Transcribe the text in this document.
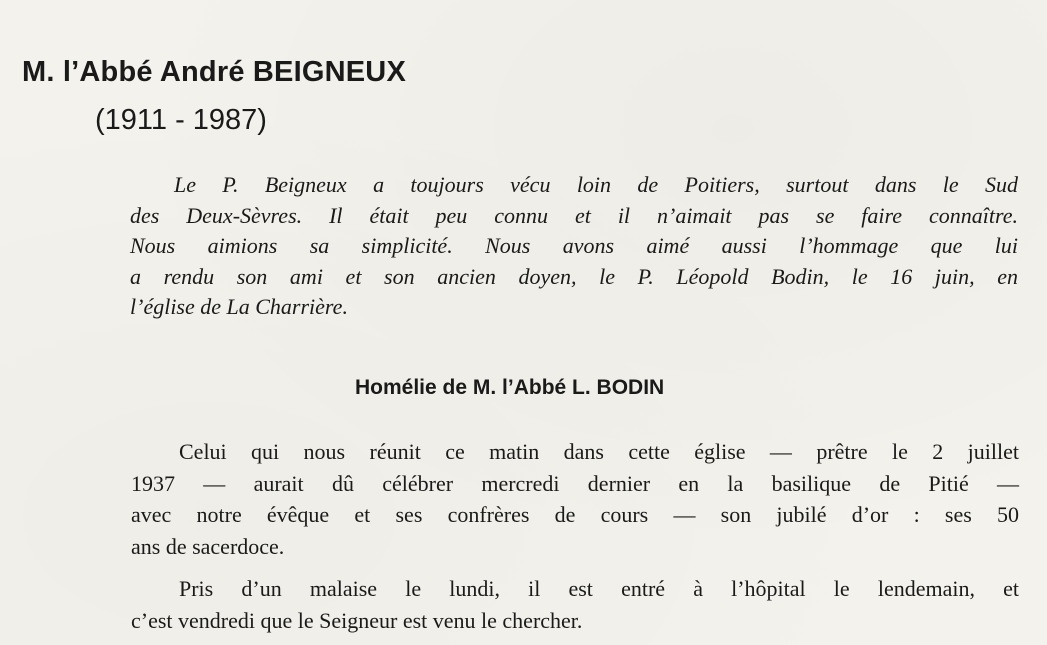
M. l’Abbé André BEIGNEUX
(1911 - 1987)
Le P. Beigneux a toujours vécu loin de Poitiers, surtout dans le Sud
des Deux-Sèvres. Il était peu connu et il n’aimait pas se faire connaître.
Nous aimions sa simplicité. Nous avons aimé aussi l’hommage que lui
a rendu son ami et son ancien doyen, le P. Léopold Bodin, le 16 juin, en
l’église de La Charrière.
Homélie de M. l’Abbé L. BODIN
Celui qui nous réunit ce matin dans cette église — prêtre le 2 juillet
1937 — aurait dû célébrer mercredi dernier en la basilique de Pitié —
avec notre évêque et ses confrères de cours — son jubilé d’or : ses 50
ans de sacerdoce.
Pris d’un malaise le lundi, il est entré à l’hôpital le lendemain, et
c’est vendredi que le Seigneur est venu le chercher.
